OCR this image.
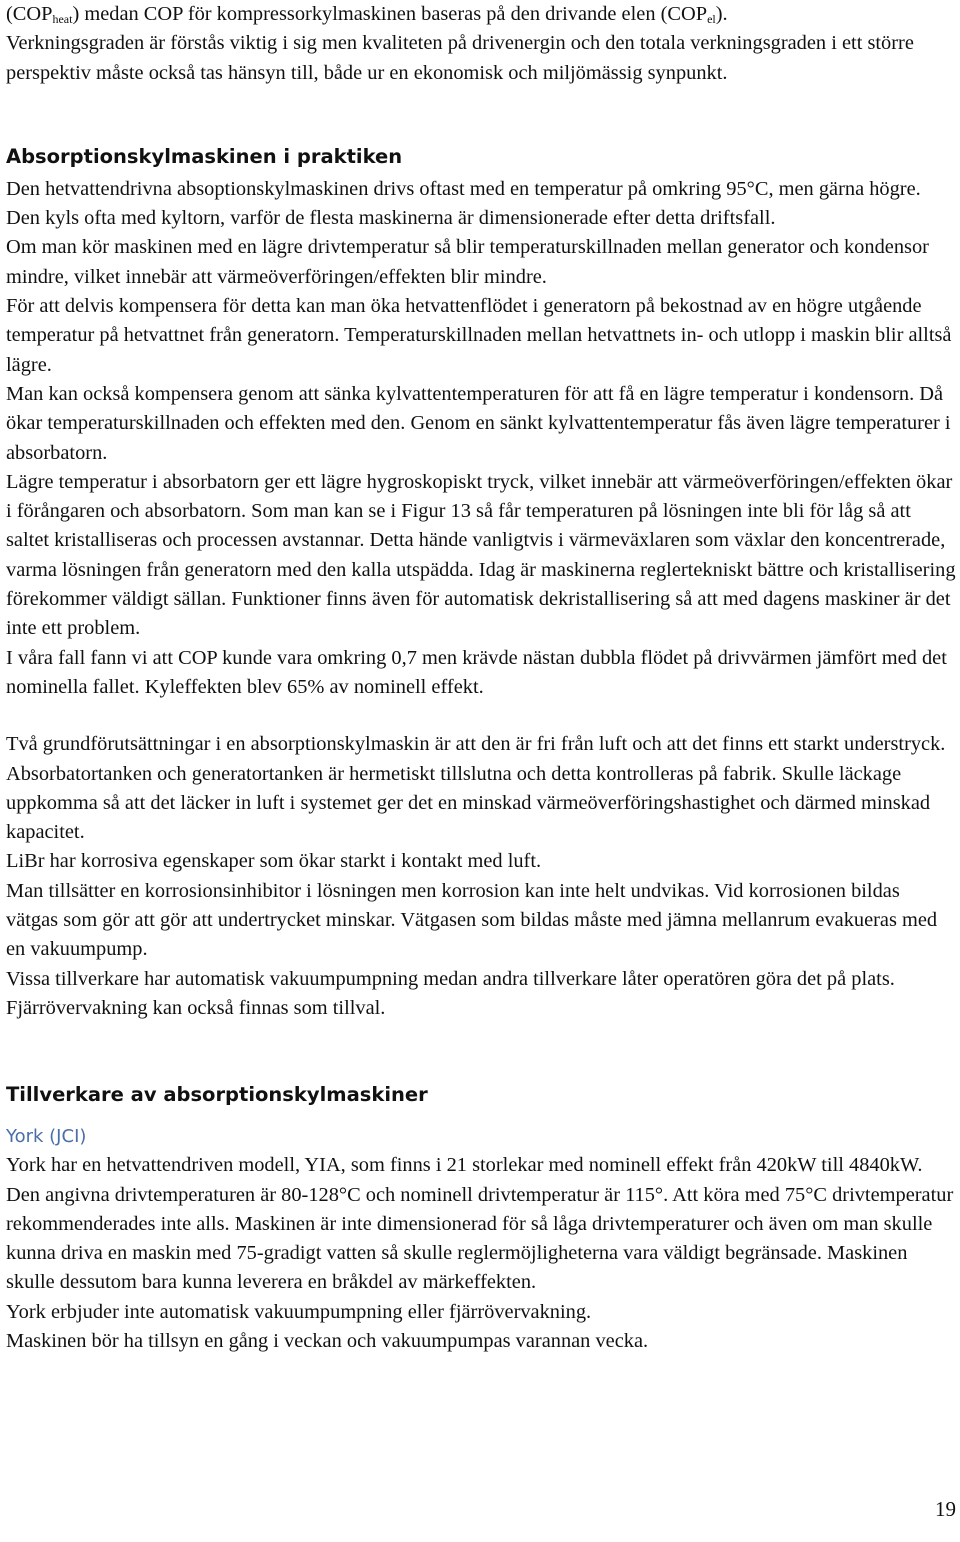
$(COP_{heat})$ medan COP för kompressorkylmaskinen baseras på den drivande elen $(COP_{el})$.

Verkningsgraden är förstås viktig i sig men kvaliteten på drivenergin och den totala verkningsgraden i ett större perspektiv måste också tas hänsyn till, både ur en ekonomisk och miljömässig synpunkt.

Absorptionskylmaskinen i praktiken

Den hetvattendrivna absoptionskylmaskinen drivs oftast med en temperatur på omkring 95°C, men gärna högre. Den kyls ofta med kyltorn, varför de flesta maskinerna är dimensionerade efter detta driftsfall.

Om man kör maskinen med en lägre drivtemperatur så blir temperaturskillnaden mellan generator och kondensor mindre, vilket innebär att värmeöverföringen/effekten blir mindre.

För att delvis kompensera för detta kan man öka hetvattenflödet i generatorn på bekostnad av en högre utgående temperatur på hetvattnet från generatorn. Temperaturskillnaden mellan hetvattnets in- och utlopp i maskin blir alltså lägre.

Man kan också kompensera genom att sänka kylvattentemperaturen för att få en lägre temperatur i kondensorn. Då ökar temperaturskillnaden och effekten med den. Genom en sänkt kylvattentemperatur fås även lägre temperaturer i absorbatorn.

Lägre temperatur i absorbatorn ger ett lägre hygroskopiskt tryck, vilket innebär att värmeöverföringen/effekten ökar i förångaren och absorbatorn. Som man kan se i Figur 13 så får temperaturen på lösningen inte bli för låg så att saltet kristalliseras och processen avstannar. Detta hände vanligtvis i värmeväxlaren som växlar den koncentrerade, varma lösningen från generatorn med den kalla utspädda. Idag är maskinerna reglertekniskt bättre och kristallisering förekommer väldigt sällan. Funktioner finns även för automatisk dekristallisering så att med dagens maskiner är det inte ett problem.

I våra fall fann vi att COP kunde vara omkring 0,7 men krävde nästan dubbla flödet på drivvärmen jämfört med det nominella fallet. Kyleffekten blev 65% av nominell effekt.

Två grundförutsättningar i en absorptionskylmaskin är att den är fri från luft och att det finns ett starkt understryck. Absorbatortanken och generatortanken är hermetiskt tillslutna och detta kontrolleras på fabrik. Skulle läckage uppkomma så att det läcker in luft i systemet ger det en minskad värmeöverföringshastighet och därmed minskad kapacitet.

LiBr har korrosiva egenskaper som ökar starkt i kontakt med luft.

Man tillsätter en korrosionsinhibitor i lösningen men korrosion kan inte helt undvikas. Vid korrosionen bildas vätgas som gör att gör att undertrycket minskar. Vätgasen som bildas måste med jämna mellanrum evakueras med en vakuumpump.

Vissa tillverkare har automatisk vakuumpumpning medan andra tillverkare låter operatören göra det på plats. Fjärrövervakning kan också finnas som tillval.

Tillverkare av absorptionskylmaskiner

York (JCI)

York har en hetvattendriven modell, YIA, som finns i 21 storlekar med nominell effekt från 420kW till 4840kW. Den angivna drivtemperaturen är 80-128°C och nominell drivtemperatur är 115°. Att köra med 75°C drivtemperatur rekommenderades inte alls. Maskinen är inte dimensionerad för så låga drivtemperaturer och även om man skulle kunna driva en maskin med 75-gradigt vatten så skulle reglermöjligheterna vara väldigt begränsade. Maskinen skulle dessutom bara kunna leverera en bråkdel av märkeffekten.

York erbjuder inte automatisk vakuumpumpning eller fjärrövervakning.

Maskinen bör ha tillsyn en gång i veckan och vakuumpumpas varannan vecka.

19
